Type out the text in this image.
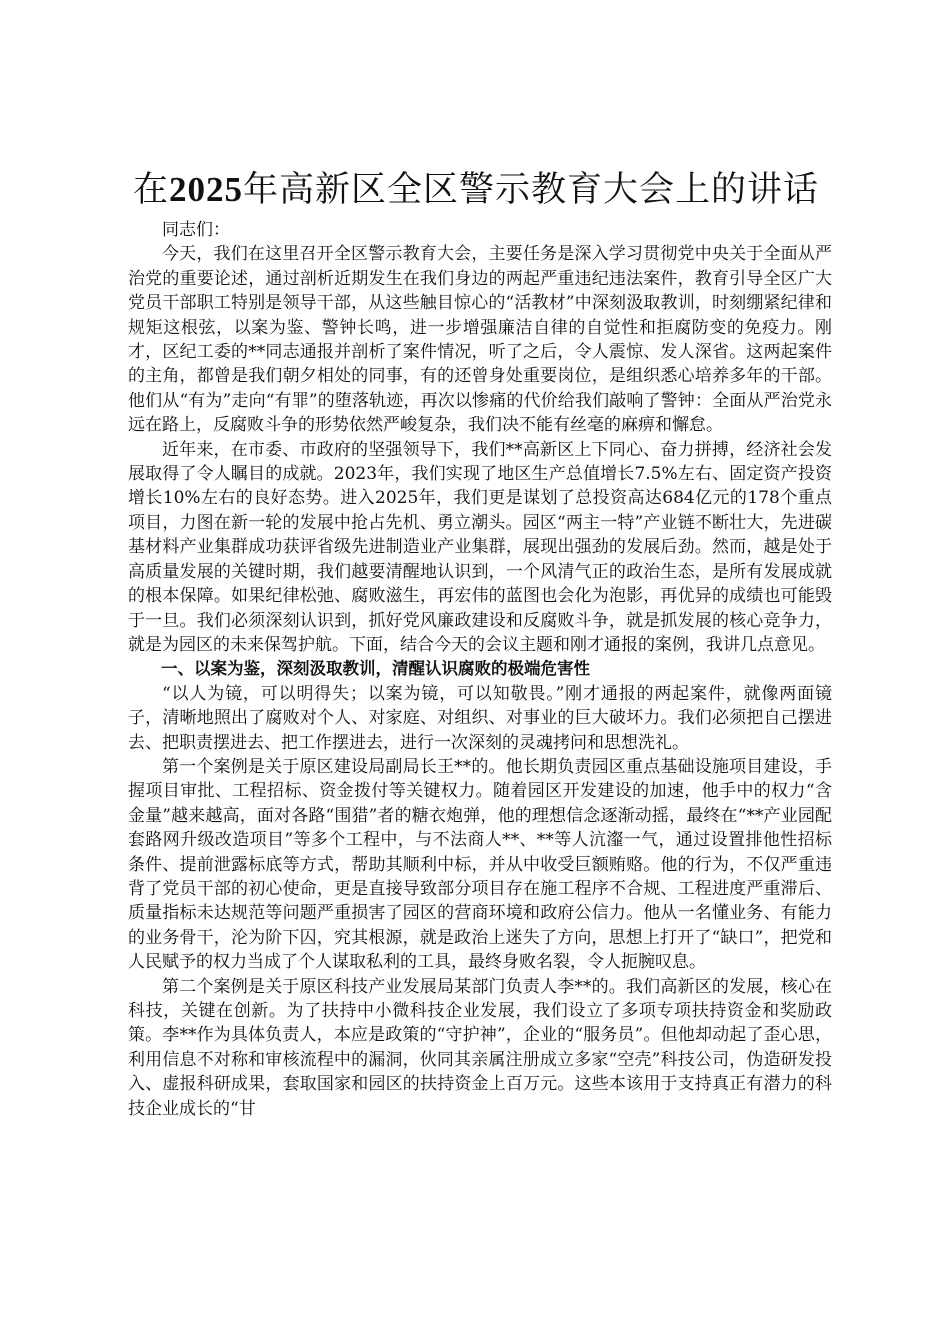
在2025年高新区全区警示教育大会上的讲话

同志们：

今天，我们在这里召开全区警示教育大会，主要任务是深入学习贯彻党中央关于全面从严治党的重要论述，通过剖析近期发生在我们身边的两起严重违纪违法案件，教育引导全区广大党员干部职工特别是领导干部，从这些触目惊心的“活教材”中深刻汲取教训，时刻绷紧纪律和规矩这根弦，以案为鉴、警钟长鸣，进一步增强廉洁自律的自觉性和拒腐防变的免疫力。刚才，区纪工委的**同志通报并剖析了案件情况，听了之后，令人震惊、发人深省。这两起案件的主角，都曾是我们朝夕相处的同事，有的还曾身处重要岗位，是组织悉心培养多年的干部。他们从“有为”走向“有罪”的堕落轨迹，再次以惨痛的代价给我们敲响了警钟：全面从严治党永远在路上，反腐败斗争的形势依然严峻复杂，我们决不能有丝毫的麻痹和懈怠。

近年来，在市委、市政府的坚强领导下，我们**高新区上下同心、奋力拼搏，经济社会发展取得了令人瞩目的成就。2023年，我们实现了地区生产总值增长7.5%左右、固定资产投资增长10%左右的良好态势。进入2025年，我们更是谋划了总投资高达684亿元的178个重点项目，力图在新一轮的发展中抢占先机、勇立潮头。园区“两主一特”产业链不断壮大，先进碳基材料产业集群成功获评省级先进制造业产业集群，展现出强劲的发展后劲。然而，越是处于高质量发展的关键时期，我们越要清醒地认识到，一个风清气正的政治生态，是所有发展成就的根本保障。如果纪律松弛、腐败滋生，再宏伟的蓝图也会化为泡影，再优异的成绩也可能毁于一旦。我们必须深刻认识到，抓好党风廉政建设和反腐败斗争，就是抓发展的核心竞争力，就是为园区的未来保驾护航。下面，结合今天的会议主题和刚才通报的案例，我讲几点意见。

一、以案为鉴，深刻汲取教训，清醒认识腐败的极端危害性

“以人为镜，可以明得失；以案为镜，可以知敬畏。”刚才通报的两起案件，就像两面镜子，清晰地照出了腐败对个人、对家庭、对组织、对事业的巨大破坏力。我们必须把自己摆进去、把职责摆进去、把工作摆进去，进行一次深刻的灵魂拷问和思想洗礼。

第一个案例是关于原区建设局副局长王**的。他长期负责园区重点基础设施项目建设，手握项目审批、工程招标、资金拨付等关键权力。随着园区开发建设的加速，他手中的权力“含金量”越来越高，面对各路“围猎”者的糖衣炮弹，他的理想信念逐渐动摇，最终在“**产业园配套路网升级改造项目”等多个工程中，与不法商人**、**等人沆瀣一气，通过设置排他性招标条件、提前泄露标底等方式，帮助其顺利中标，并从中收受巨额贿赂。他的行为，不仅严重违背了党员干部的初心使命，更是直接导致部分项目存在施工程序不合规、工程进度严重滞后、质量指标未达规范等问题严重损害了园区的营商环境和政府公信力。他从一名懂业务、有能力的业务骨干，沦为阶下囚，究其根源，就是政治上迷失了方向，思想上打开了“缺口”，把党和人民赋予的权力当成了个人谋取私利的工具，最终身败名裂，令人扼腕叹息。

第二个案例是关于原区科技产业发展局某部门负责人李**的。我们高新区的发展，核心在科技，关键在创新。为了扶持中小微科技企业发展，我们设立了多项专项扶持资金和奖励政策。李**作为具体负责人，本应是政策的“守护神”，企业的“服务员”。但他却动起了歪心思，利用信息不对称和审核流程中的漏洞，伙同其亲属注册成立多家“空壳”科技公司，伪造研发投入、虚报科研成果，套取国家和园区的扶持资金上百万元。这些本该用于支持真正有潜力的科技企业成长的“甘
